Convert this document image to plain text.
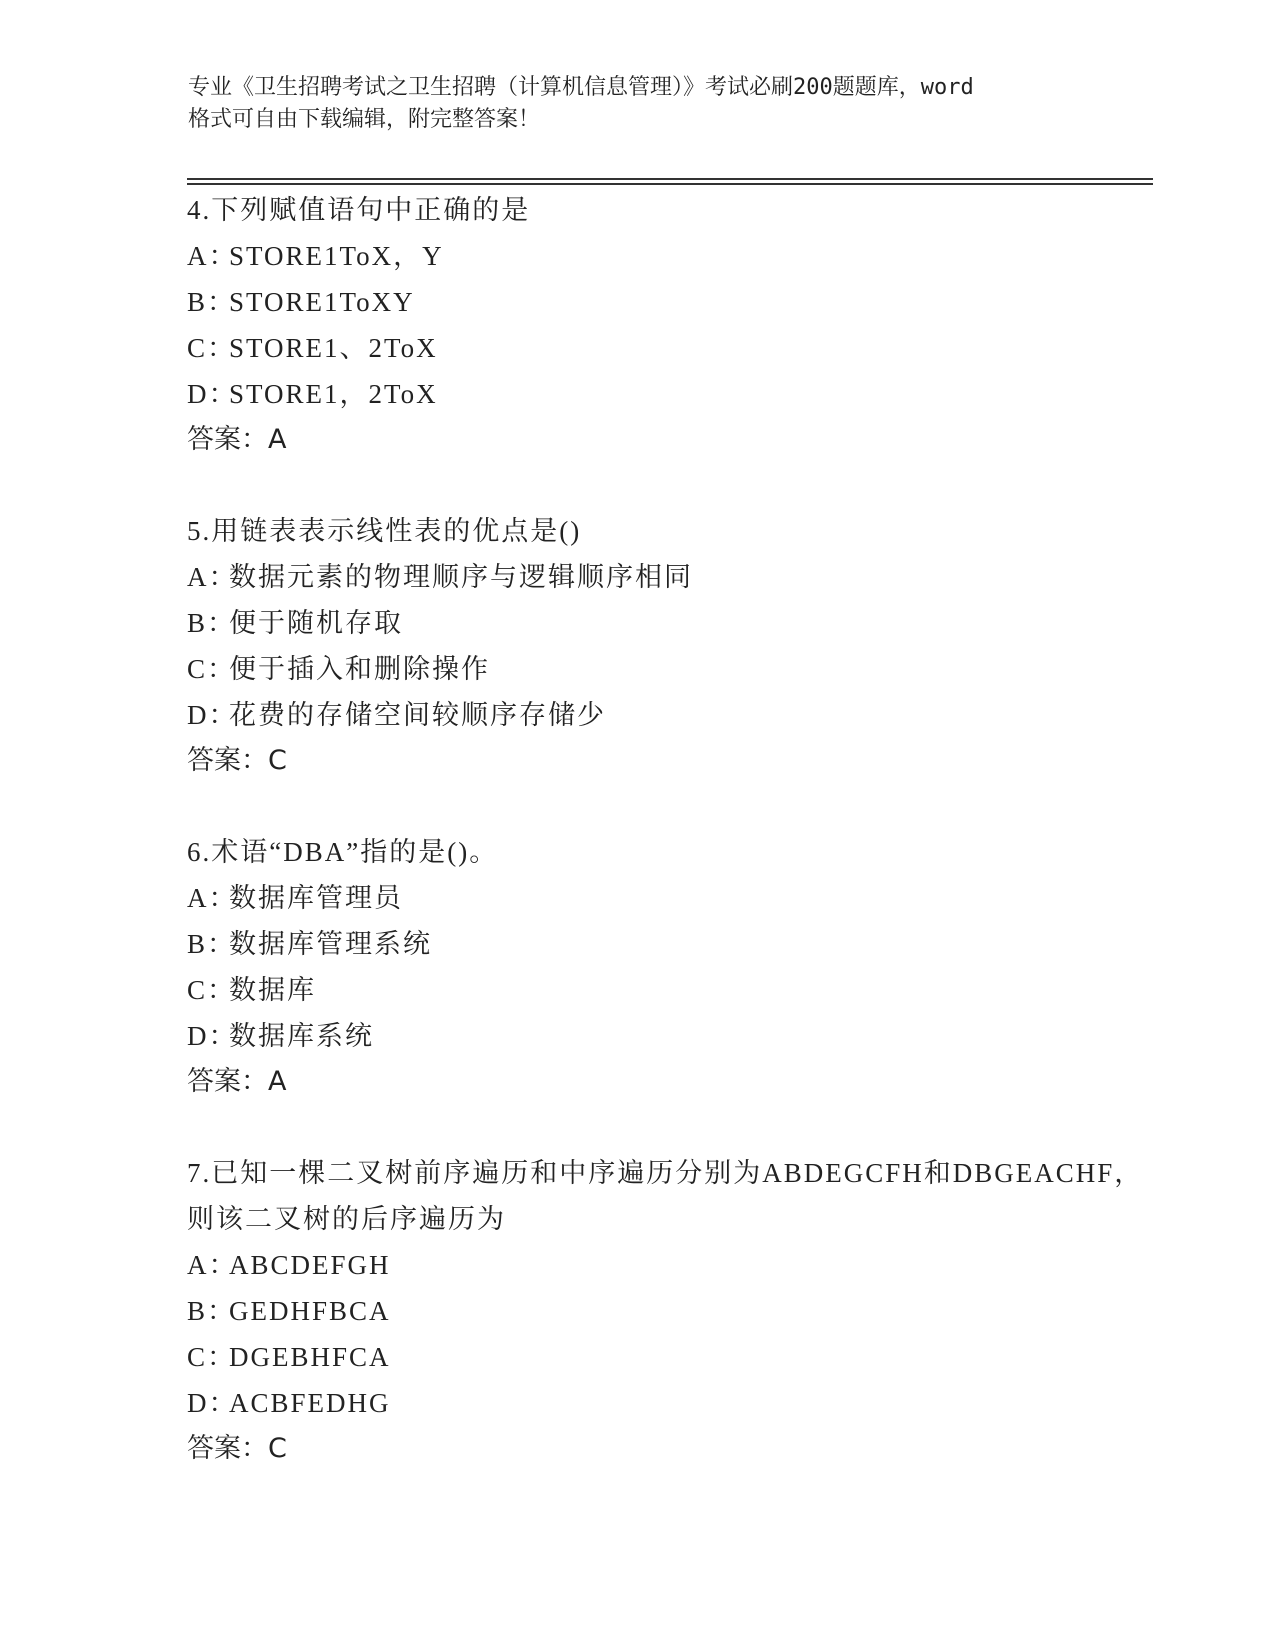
专业《卫生招聘考试之卫生招聘（计算机信息管理）》考试必刷200题题库，word
格式可自由下载编辑，附完整答案！
4.下列赋值语句中正确的是
A：STORE1ToX，Y
B：STORE1ToXY
C：STORE1、2ToX
D：STORE1，2ToX
答案：A
5.用链表表示线性表的优点是()
A：数据元素的物理顺序与逻辑顺序相同
B：便于随机存取
C：便于插入和删除操作
D：花费的存储空间较顺序存储少
答案：C
6.术语“DBA”指的是()。
A：数据库管理员
B：数据库管理系统
C：数据库
D：数据库系统
答案：A
7.已知一棵二叉树前序遍历和中序遍历分别为ABDEGCFH和DBGEACHF，则该二叉树的后序遍历为
A：ABCDEFGH
B：GEDHFBCA
C：DGEBHFCA
D：ACBFEDHG
答案：C
